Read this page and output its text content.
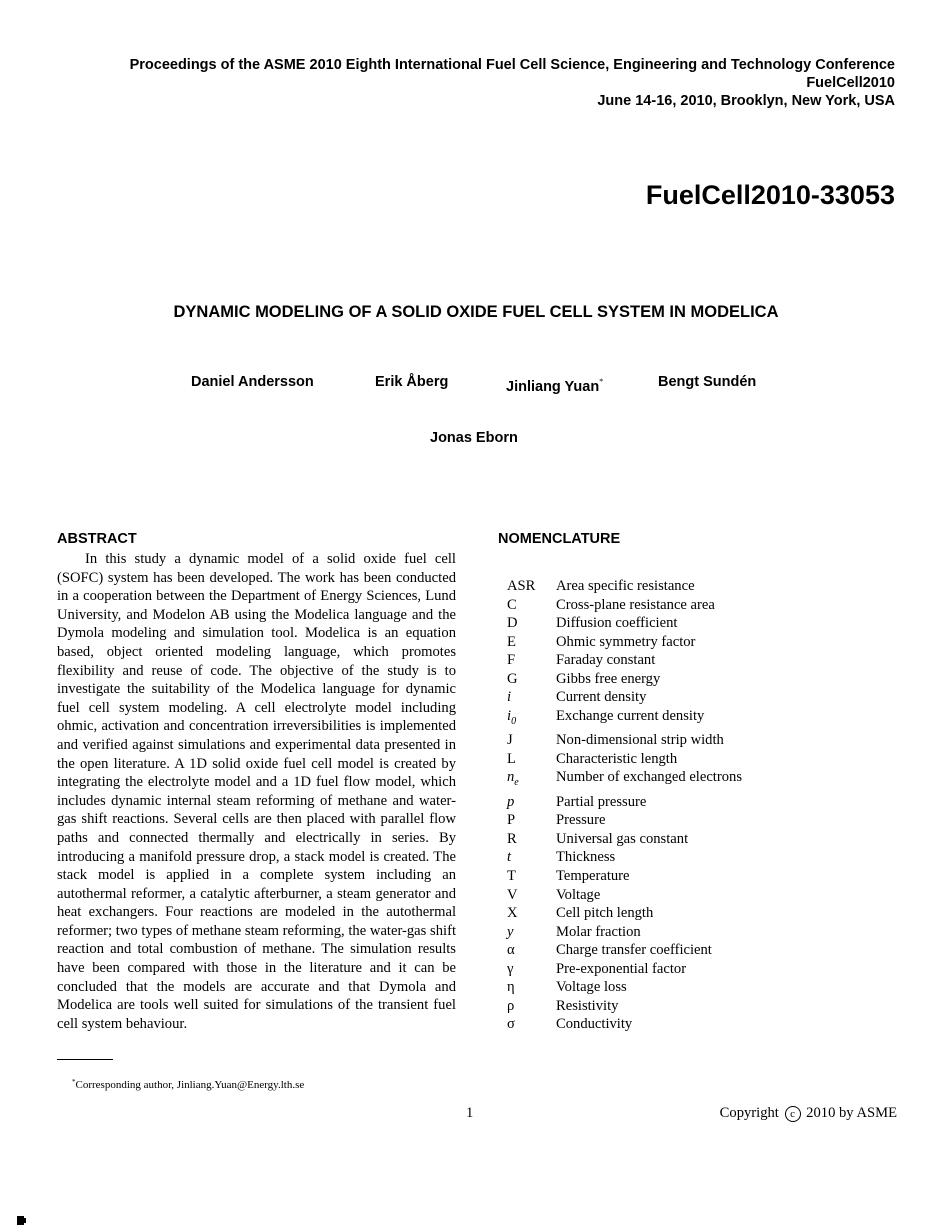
Proceedings of the ASME 2010 Eighth International Fuel Cell Science, Engineering and Technology Conference
FuelCell2010
June 14-16, 2010, Brooklyn, New York, USA
FuelCell2010-33053
DYNAMIC MODELING OF A SOLID OXIDE FUEL CELL SYSTEM IN MODELICA
Daniel Andersson	Erik Åberg	Jinliang Yuan*	Bengt Sundén
Jonas Eborn
ABSTRACT

In this study a dynamic model of a solid oxide fuel cell (SOFC) system has been developed. The work has been conducted in a cooperation between the Department of Energy Sciences, Lund University, and Modelon AB using the Modelica language and the Dymola modeling and simulation tool. Modelica is an equation based, object oriented modeling language, which promotes flexibility and reuse of code. The objective of the study is to investigate the suitability of the Modelica language for dynamic fuel cell system modeling. A cell electrolyte model including ohmic, activation and concentration irreversibilities is implemented and verified against simulations and experimental data presented in the open literature. A 1D solid oxide fuel cell model is created by integrating the electrolyte model and a 1D fuel flow model, which includes dynamic internal steam reforming of methane and water-gas shift reactions. Several cells are then placed with parallel flow paths and connected thermally and electrically in series. By introducing a manifold pressure drop, a stack model is created. The stack model is applied in a complete system including an autothermal reformer, a catalytic afterburner, a steam generator and heat exchangers. Four reactions are modeled in the autothermal reformer; two types of methane steam reforming, the water-gas shift reaction and total combustion of methane. The simulation results have been compared with those in the literature and it can be concluded that the models are accurate and that Dymola and Modelica are tools well suited for simulations of the transient fuel cell system behaviour.

NOMENCLATURE
ASR	Area specific resistance
C	Cross-plane resistance area
D	Diffusion coefficient
E	Ohmic symmetry factor
F	Faraday constant
G	Gibbs free energy
i	Current density
$i_0$	Exchange current density
J	Non-dimensional strip width
L	Characteristic length
$n_e$	Number of exchanged electrons
p	Partial pressure
P	Pressure
R	Universal gas constant
t	Thickness
T	Temperature
V	Voltage
X	Cell pitch length
y	Molar fraction
α	Charge transfer coefficient
γ	Pre-exponential factor
η	Voltage loss
ρ	Resistivity
σ	Conductivity
*Corresponding author, Jinliang.Yuan@Energy.lth.se
1	Copyright c 2010 by ASME
